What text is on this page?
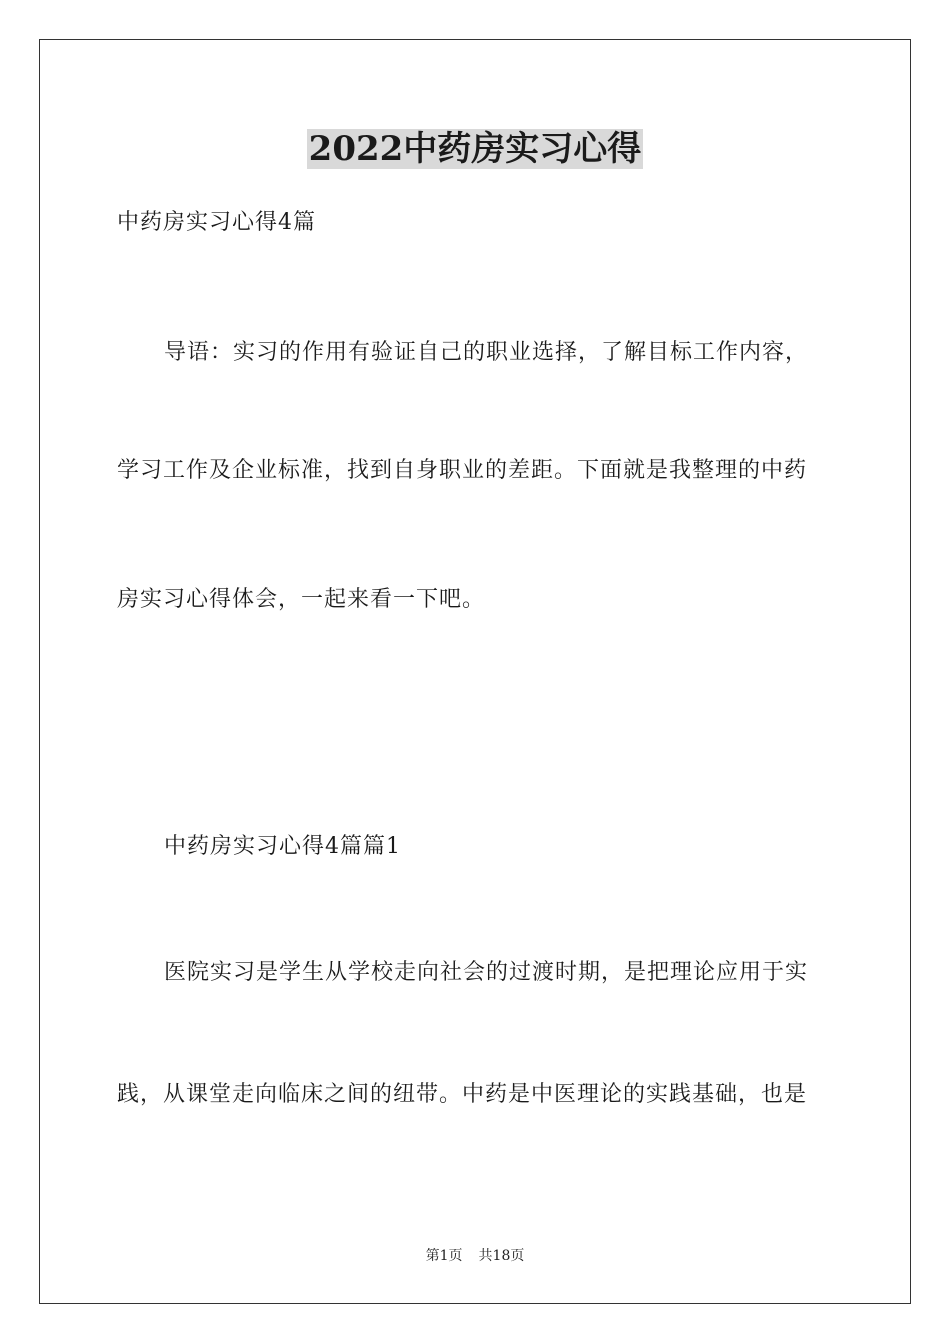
2022中药房实习心得
中药房实习心得4篇
导语：实习的作用有验证自己的职业选择，了解目标工作内容，
学习工作及企业标准，找到自身职业的差距。下面就是我整理的中药
房实习心得体会，一起来看一下吧。
中药房实习心得4篇篇1
医院实习是学生从学校走向社会的过渡时期，是把理论应用于实
践，从课堂走向临床之间的纽带。中药是中医理论的实践基础，也是
第1页 共18页
